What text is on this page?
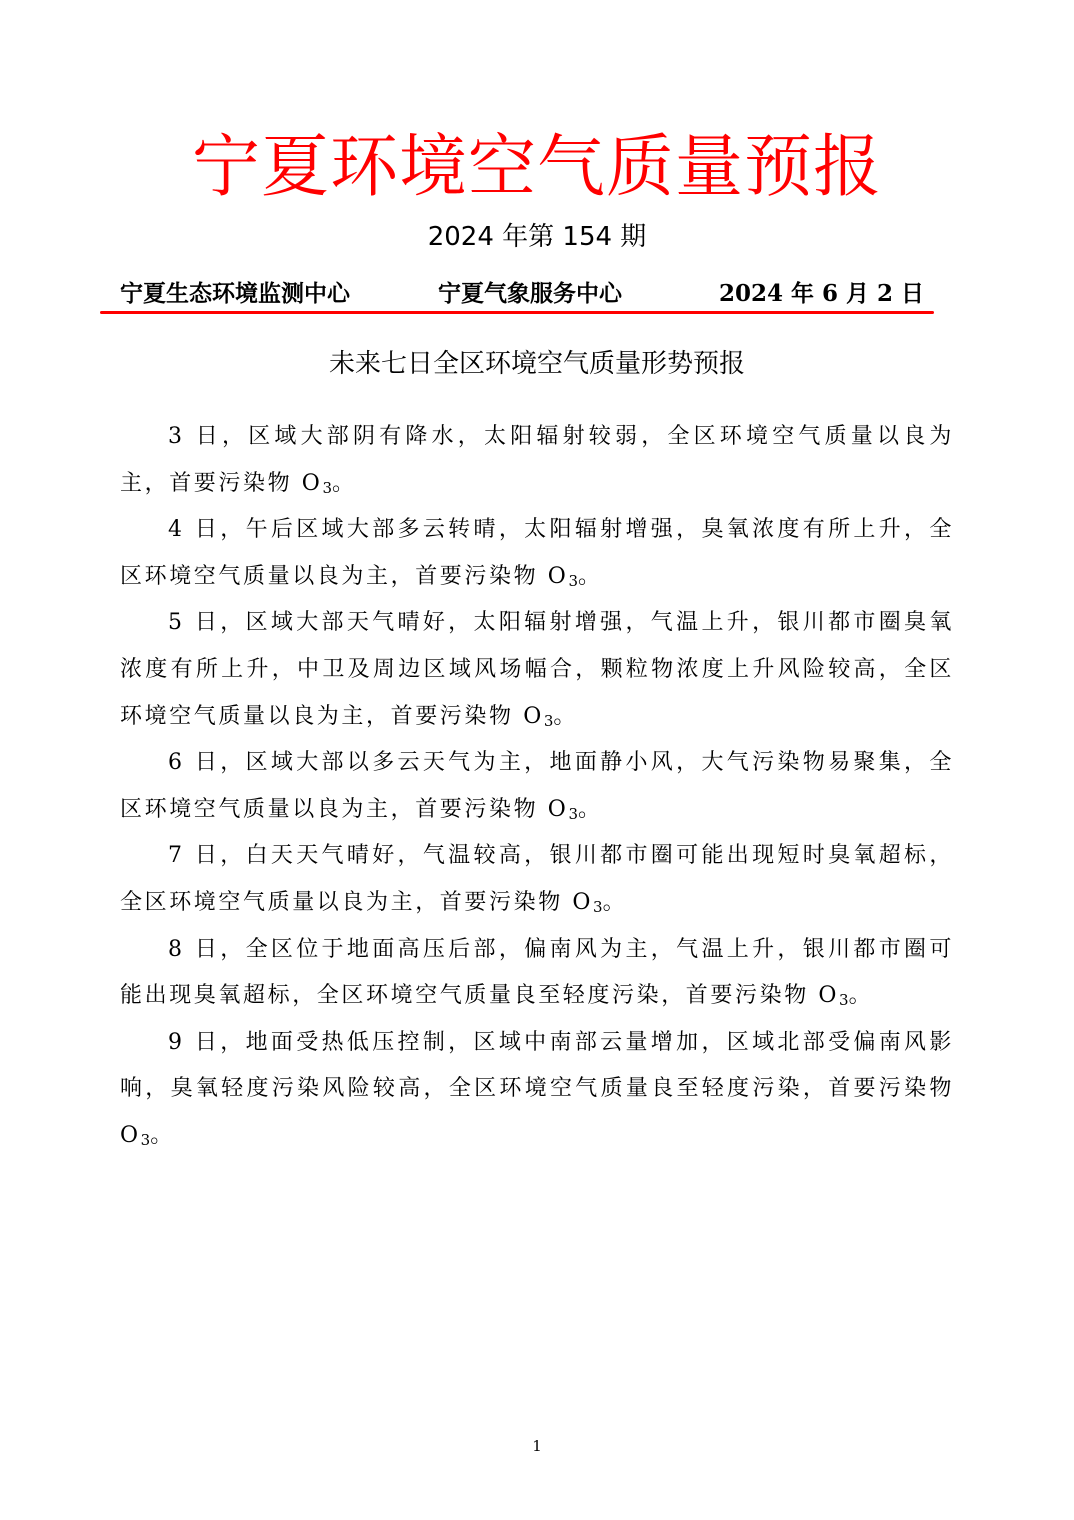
宁夏环境空气质量预报
2024 年第 154 期
宁夏生态环境监测中心	宁夏气象服务中心	2024 年 6 月 2 日
未来七日全区环境空气质量形势预报

3 日，区域大部阴有降水，太阳辐射较弱，全区环境空气质量以良为主，首要污染物 $O_3$。

4 日，午后区域大部多云转晴，太阳辐射增强，臭氧浓度有所上升，全区环境空气质量以良为主，首要污染物 $O_3$。

5 日，区域大部天气晴好，太阳辐射增强，气温上升，银川都市圈臭氧浓度有所上升，中卫及周边区域风场幅合，颗粒物浓度上升风险较高，全区环境空气质量以良为主，首要污染物 $O_3$。

6 日，区域大部以多云天气为主，地面静小风，大气污染物易聚集，全区环境空气质量以良为主，首要污染物 $O_3$。

7 日，白天天气晴好，气温较高，银川都市圈可能出现短时臭氧超标，全区环境空气质量以良为主，首要污染物 $O_3$。

8 日，全区位于地面高压后部，偏南风为主，气温上升，银川都市圈可能出现臭氧超标，全区环境空气质量良至轻度污染，首要污染物 $O_3$。

9 日，地面受热低压控制，区域中南部云量增加，区域北部受偏南风影响，臭氧轻度污染风险较高，全区环境空气质量良至轻度污染，首要污染物 $O_3$。

1
